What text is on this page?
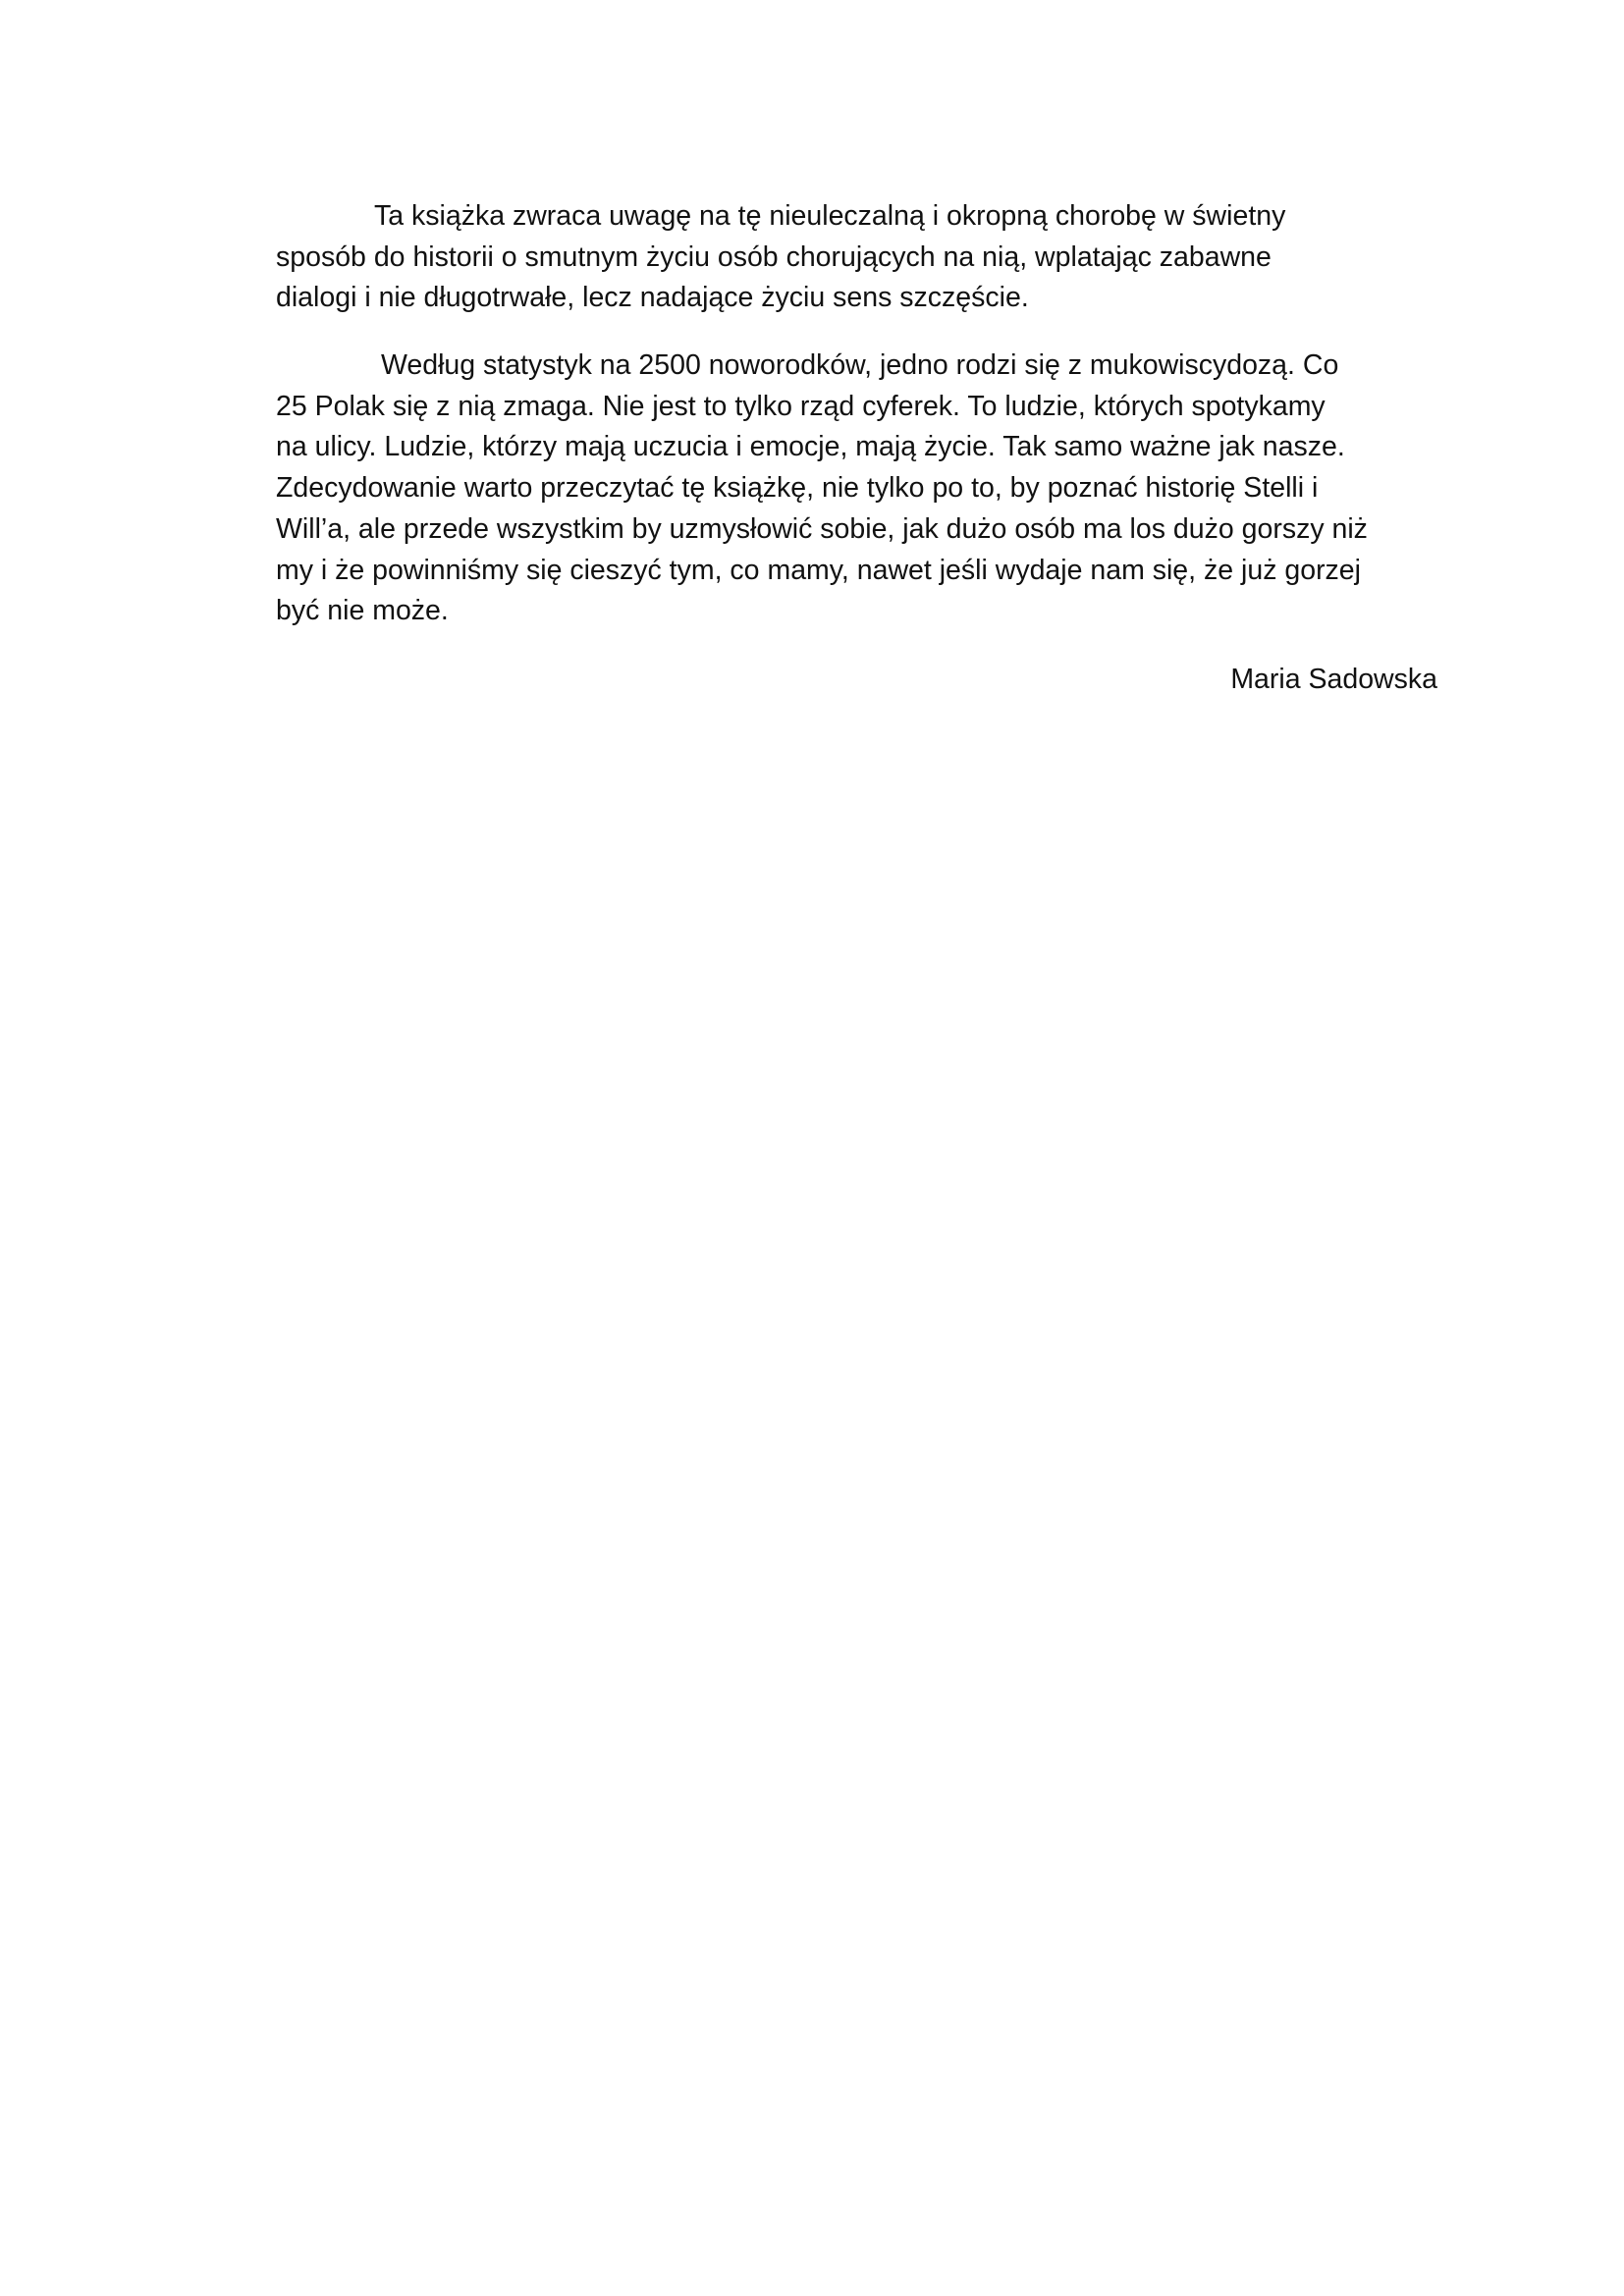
Ta książka zwraca uwagę na tę nieuleczalną i okropną chorobę w świetny
sposób do historii o smutnym życiu osób chorujących na nią, wplatając zabawne
dialogi i nie długotrwałe, lecz nadające życiu sens szczęście.
Według statystyk na 2500 noworodków, jedno rodzi się z mukowiscydozą. Co
25 Polak się z nią zmaga. Nie jest to tylko rząd cyferek. To ludzie, których spotykamy
na ulicy. Ludzie, którzy mają uczucia i emocje, mają życie. Tak samo ważne jak nasze.
Zdecydowanie warto przeczytać tę książkę, nie tylko po to, by poznać historię Stelli i
Will’a, ale przede wszystkim by uzmysłowić sobie, jak dużo osób ma los dużo gorszy niż
my i że powinniśmy się cieszyć tym, co mamy, nawet jeśli wydaje nam się, że już gorzej
być nie może.
Maria Sadowska
